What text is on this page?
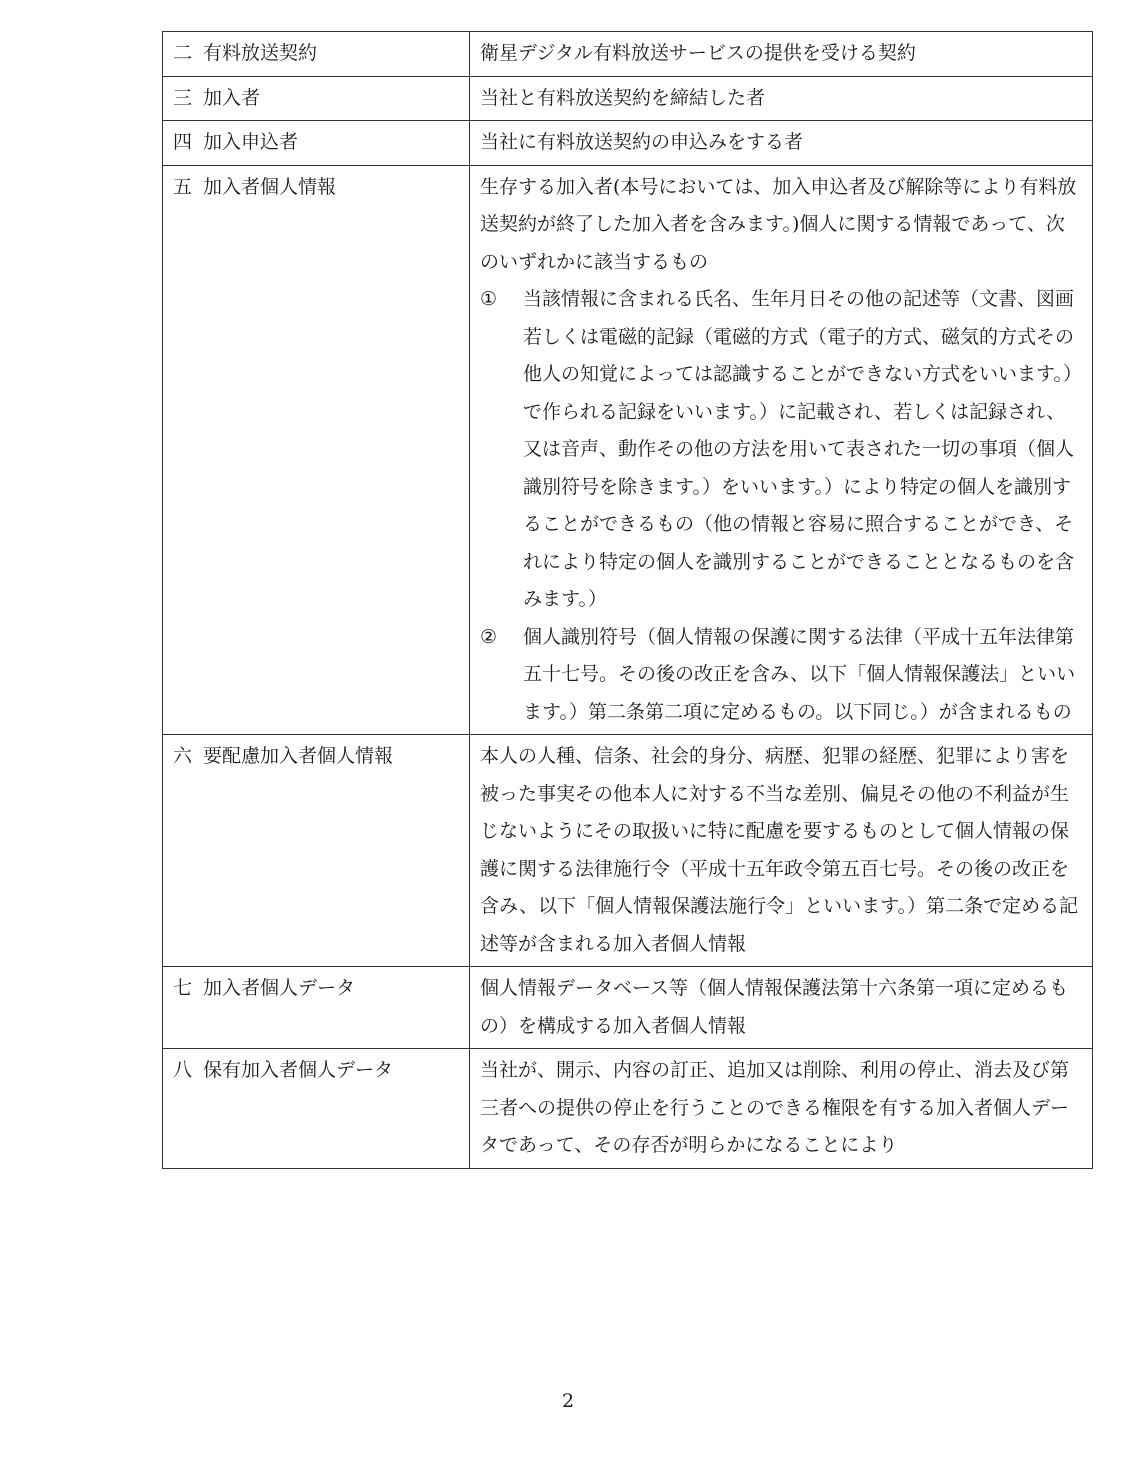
二 有料放送契約	衛星デジタル有料放送サービスの提供を受ける契約
三 加入者	当社と有料放送契約を締結した者
四 加入申込者	当社に有料放送契約の申込みをする者
五 加入者個人情報	生存する加入者(本号においては、加入申込者及び解除等により有料放送契約が終了した加入者を含みます。)個人に関する情報であって、次のいずれかに該当するもの
① 当該情報に含まれる氏名、生年月日その他の記述等（文書、図画若しくは電磁的記録（電磁的方式（電子的方式、磁気的方式その他人の知覚によっては認識することができない方式をいいます。）で作られる記録をいいます。）に記載され、若しくは記録され、又は音声、動作その他の方法を用いて表された一切の事項（個人識別符号を除きます。）をいいます。）により特定の個人を識別することができるもの（他の情報と容易に照合することができ、それにより特定の個人を識別することができることとなるものを含みます。）
② 個人識別符号（個人情報の保護に関する法律（平成十五年法律第五十七号。その後の改正を含み、以下「個人情報保護法」といいます。）第二条第二項に定めるもの。以下同じ。）が含まれるもの

六 要配慮加入者個人情報	本人の人種、信条、社会的身分、病歴、犯罪の経歴、犯罪により害を被った事実その他本人に対する不当な差別、偏見その他の不利益が生じないようにその取扱いに特に配慮を要するものとして個人情報の保護に関する法律施行令（平成十五年政令第五百七号。その後の改正を含み、以下「個人情報保護法施行令」といいます。）第二条で定める記述等が含まれる加入者個人情報
七 加入者個人データ	個人情報データベース等（個人情報保護法第十六条第一項に定めるもの）を構成する加入者個人情報
八 保有加入者個人データ	当社が、開示、内容の訂正、追加又は削除、利用の停止、消去及び第三者への提供の停止を行うことのできる権限を有する加入者個人データであって、その存否が明らかになることにより
2
